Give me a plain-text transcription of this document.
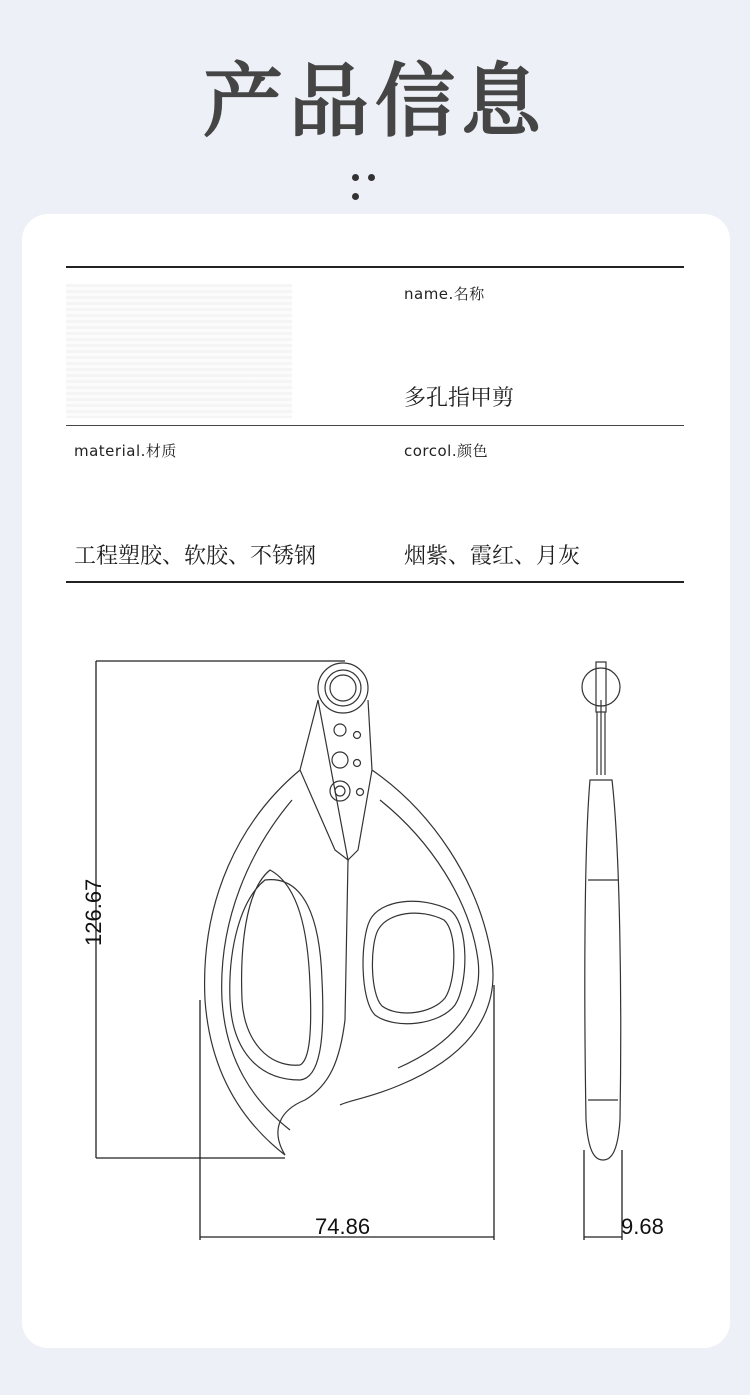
产品信息
name.名称
多孔指甲剪
material.材质	corcol.颜色
工程塑胶、软胶、不锈钢	烟紫、霞红、月灰
126.67
74.86	9.68
